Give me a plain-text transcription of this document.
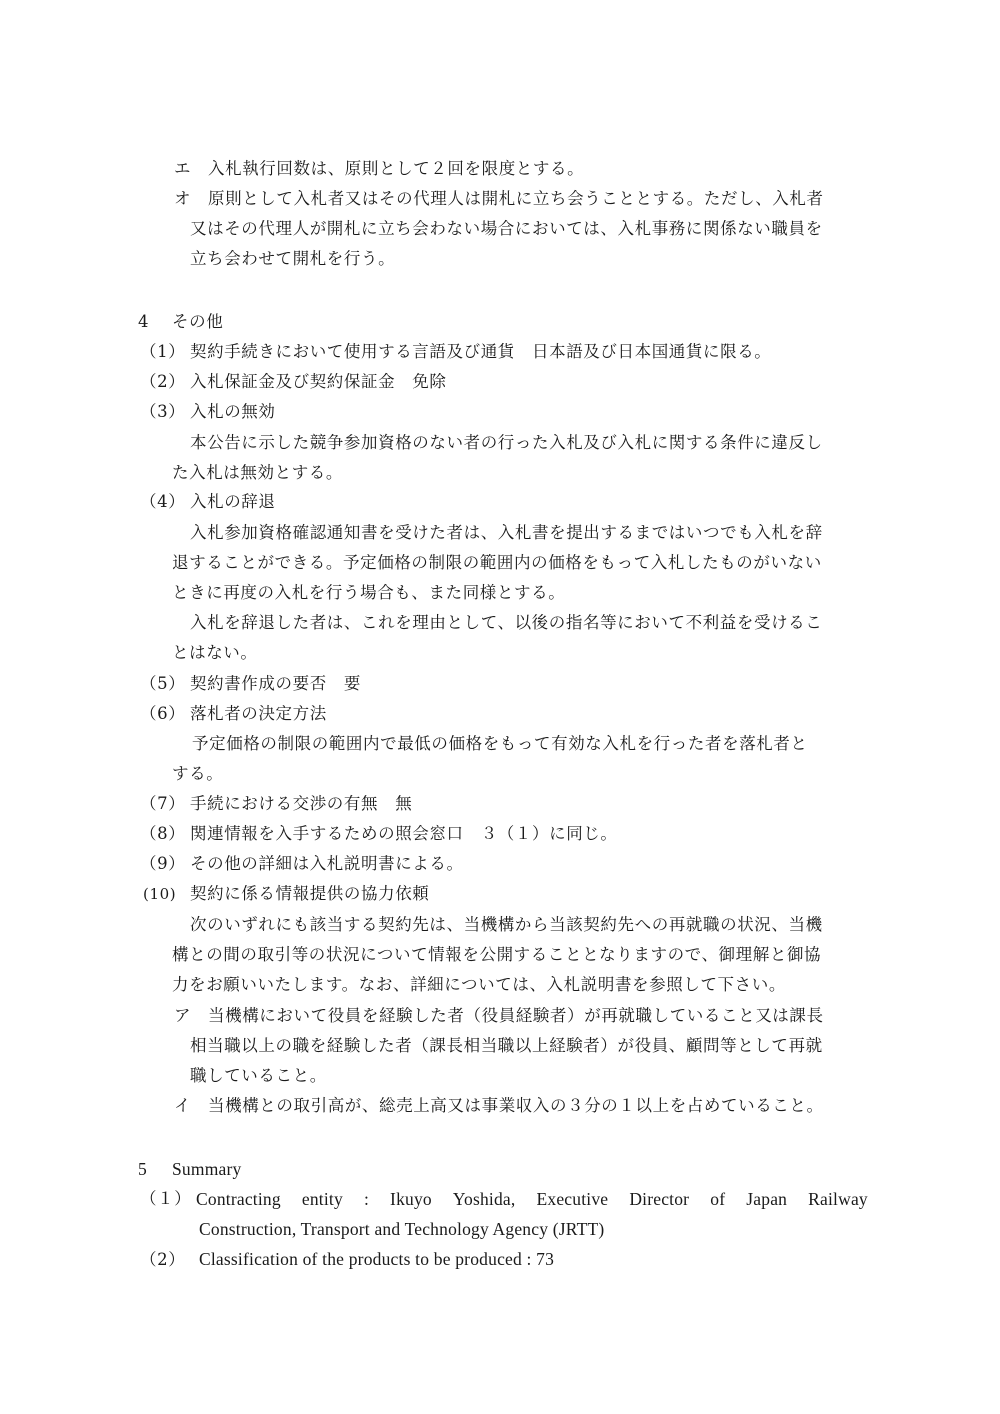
エ 入札執行回数は、原則として２回を限度とする。
オ 原則として入札者又はその代理人は開札に立ち会うこととする。ただし、入札者
又はその代理人が開札に立ち会わない場合においては、入札事務に関係ない職員を
立ち会わせて開札を行う。
4 その他
（1） 契約手続きにおいて使用する言語及び通貨　日本語及び日本国通貨に限る。
（2） 入札保証金及び契約保証金　免除
（3） 入札の無効
本公告に示した競争参加資格のない者の行った入札及び入札に関する条件に違反し
た入札は無効とする。
（4） 入札の辞退
入札参加資格確認通知書を受けた者は、入札書を提出するまではいつでも入札を辞
退することができる。予定価格の制限の範囲内の価格をもって入札したものがいない
ときに再度の入札を行う場合も、また同様とする。
入札を辞退した者は、これを理由として、以後の指名等において不利益を受けるこ
とはない。
（5） 契約書作成の要否　要
（6） 落札者の決定方法
予定価格の制限の範囲内で最低の価格をもって有効な入札を行った者を落札者と
する。
（7） 手続における交渉の有無　無
（8） 関連情報を入手するための照会窓口　３（１）に同じ。
（9） その他の詳細は入札説明書による。
(10) 契約に係る情報提供の協力依頼
次のいずれにも該当する契約先は、当機構から当該契約先への再就職の状況、当機
構との間の取引等の状況について情報を公開することとなりますので、御理解と御協
力をお願いいたします。なお、詳細については、入札説明書を参照して下さい。
ア 当機構において役員を経験した者（役員経験者）が再就職していること又は課長
相当職以上の職を経験した者（課長相当職以上経験者）が役員、顧問等として再就
職していること。
イ 当機構との取引高が、総売上高又は事業収入の３分の１以上を占めていること。
5 Summary
（１） Contracting entity : Ikuyo Yoshida, Executive Director of Japan Railway
Construction, Transport and Technology Agency (JRTT)
（2） Classification of the products to be produced : 73
